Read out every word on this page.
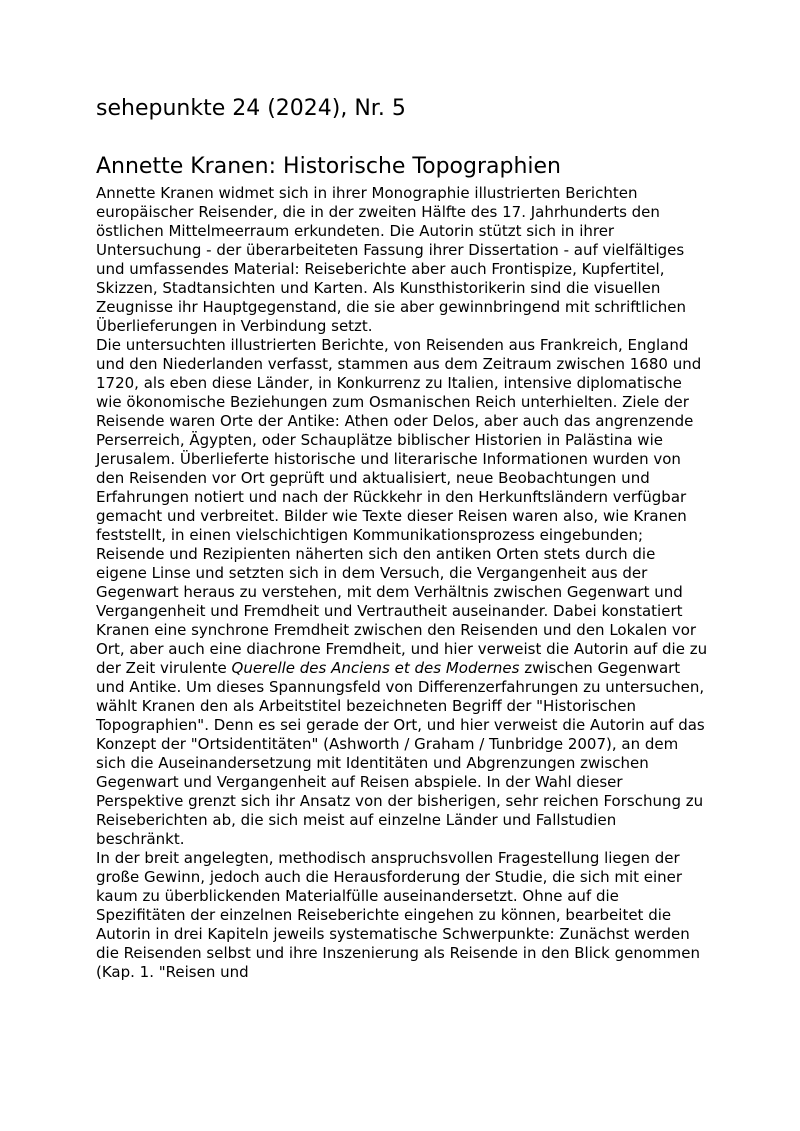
sehepunkte 24 (2024), Nr. 5
Annette Kranen: Historische Topographien

Annette Kranen widmet sich in ihrer Monographie illustrierten Berichten europäischer Reisender, die in der zweiten Hälfte des 17. Jahrhunderts den östlichen Mittelmeerraum erkundeten. Die Autorin stützt sich in ihrer Untersuchung - der überarbeiteten Fassung ihrer Dissertation - auf vielfältiges und umfassendes Material: Reiseberichte aber auch Frontispize, Kupfertitel, Skizzen, Stadtansichten und Karten. Als Kunsthistorikerin sind die visuellen Zeugnisse ihr Hauptgegenstand, die sie aber gewinnbringend mit schriftlichen Überlieferungen in Verbindung setzt.

Die untersuchten illustrierten Berichte, von Reisenden aus Frankreich, England und den Niederlanden verfasst, stammen aus dem Zeitraum zwischen 1680 und 1720, als eben diese Länder, in Konkurrenz zu Italien, intensive diplomatische wie ökonomische Beziehungen zum Osmanischen Reich unterhielten. Ziele der Reisende waren Orte der Antike: Athen oder Delos, aber auch das angrenzende Perserreich, Ägypten, oder Schauplätze biblischer Historien in Palästina wie Jerusalem. Überlieferte historische und literarische Informationen wurden von den Reisenden vor Ort geprüft und aktualisiert, neue Beobachtungen und Erfahrungen notiert und nach der Rückkehr in den Herkunftsländern verfügbar gemacht und verbreitet. Bilder wie Texte dieser Reisen waren also, wie Kranen feststellt, in einen vielschichtigen Kommunikationsprozess eingebunden; Reisende und Rezipienten näherten sich den antiken Orten stets durch die eigene Linse und setzten sich in dem Versuch, die Vergangenheit aus der Gegenwart heraus zu verstehen, mit dem Verhältnis zwischen Gegenwart und Vergangenheit und Fremdheit und Vertrautheit auseinander. Dabei konstatiert Kranen eine synchrone Fremdheit zwischen den Reisenden und den Lokalen vor Ort, aber auch eine diachrone Fremdheit, und hier verweist die Autorin auf die zu der Zeit virulente Querelle des Anciens et des Modernes zwischen Gegenwart und Antike. Um dieses Spannungsfeld von Differenzerfahrungen zu untersuchen, wählt Kranen den als Arbeitstitel bezeichneten Begriff der "Historischen Topographien". Denn es sei gerade der Ort, und hier verweist die Autorin auf das Konzept der "Ortsidentitäten" (Ashworth / Graham / Tunbridge 2007), an dem sich die Auseinandersetzung mit Identitäten und Abgrenzungen zwischen Gegenwart und Vergangenheit auf Reisen abspiele. In der Wahl dieser Perspektive grenzt sich ihr Ansatz von der bisherigen, sehr reichen Forschung zu Reiseberichten ab, die sich meist auf einzelne Länder und Fallstudien beschränkt.

In der breit angelegten, methodisch anspruchsvollen Fragestellung liegen der große Gewinn, jedoch auch die Herausforderung der Studie, die sich mit einer kaum zu überblickenden Materialfülle auseinandersetzt. Ohne auf die Spezifitäten der einzelnen Reiseberichte eingehen zu können, bearbeitet die Autorin in drei Kapiteln jeweils systematische Schwerpunkte: Zunächst werden die Reisenden selbst und ihre Inszenierung als Reisende in den Blick genommen (Kap. 1. "Reisen und
